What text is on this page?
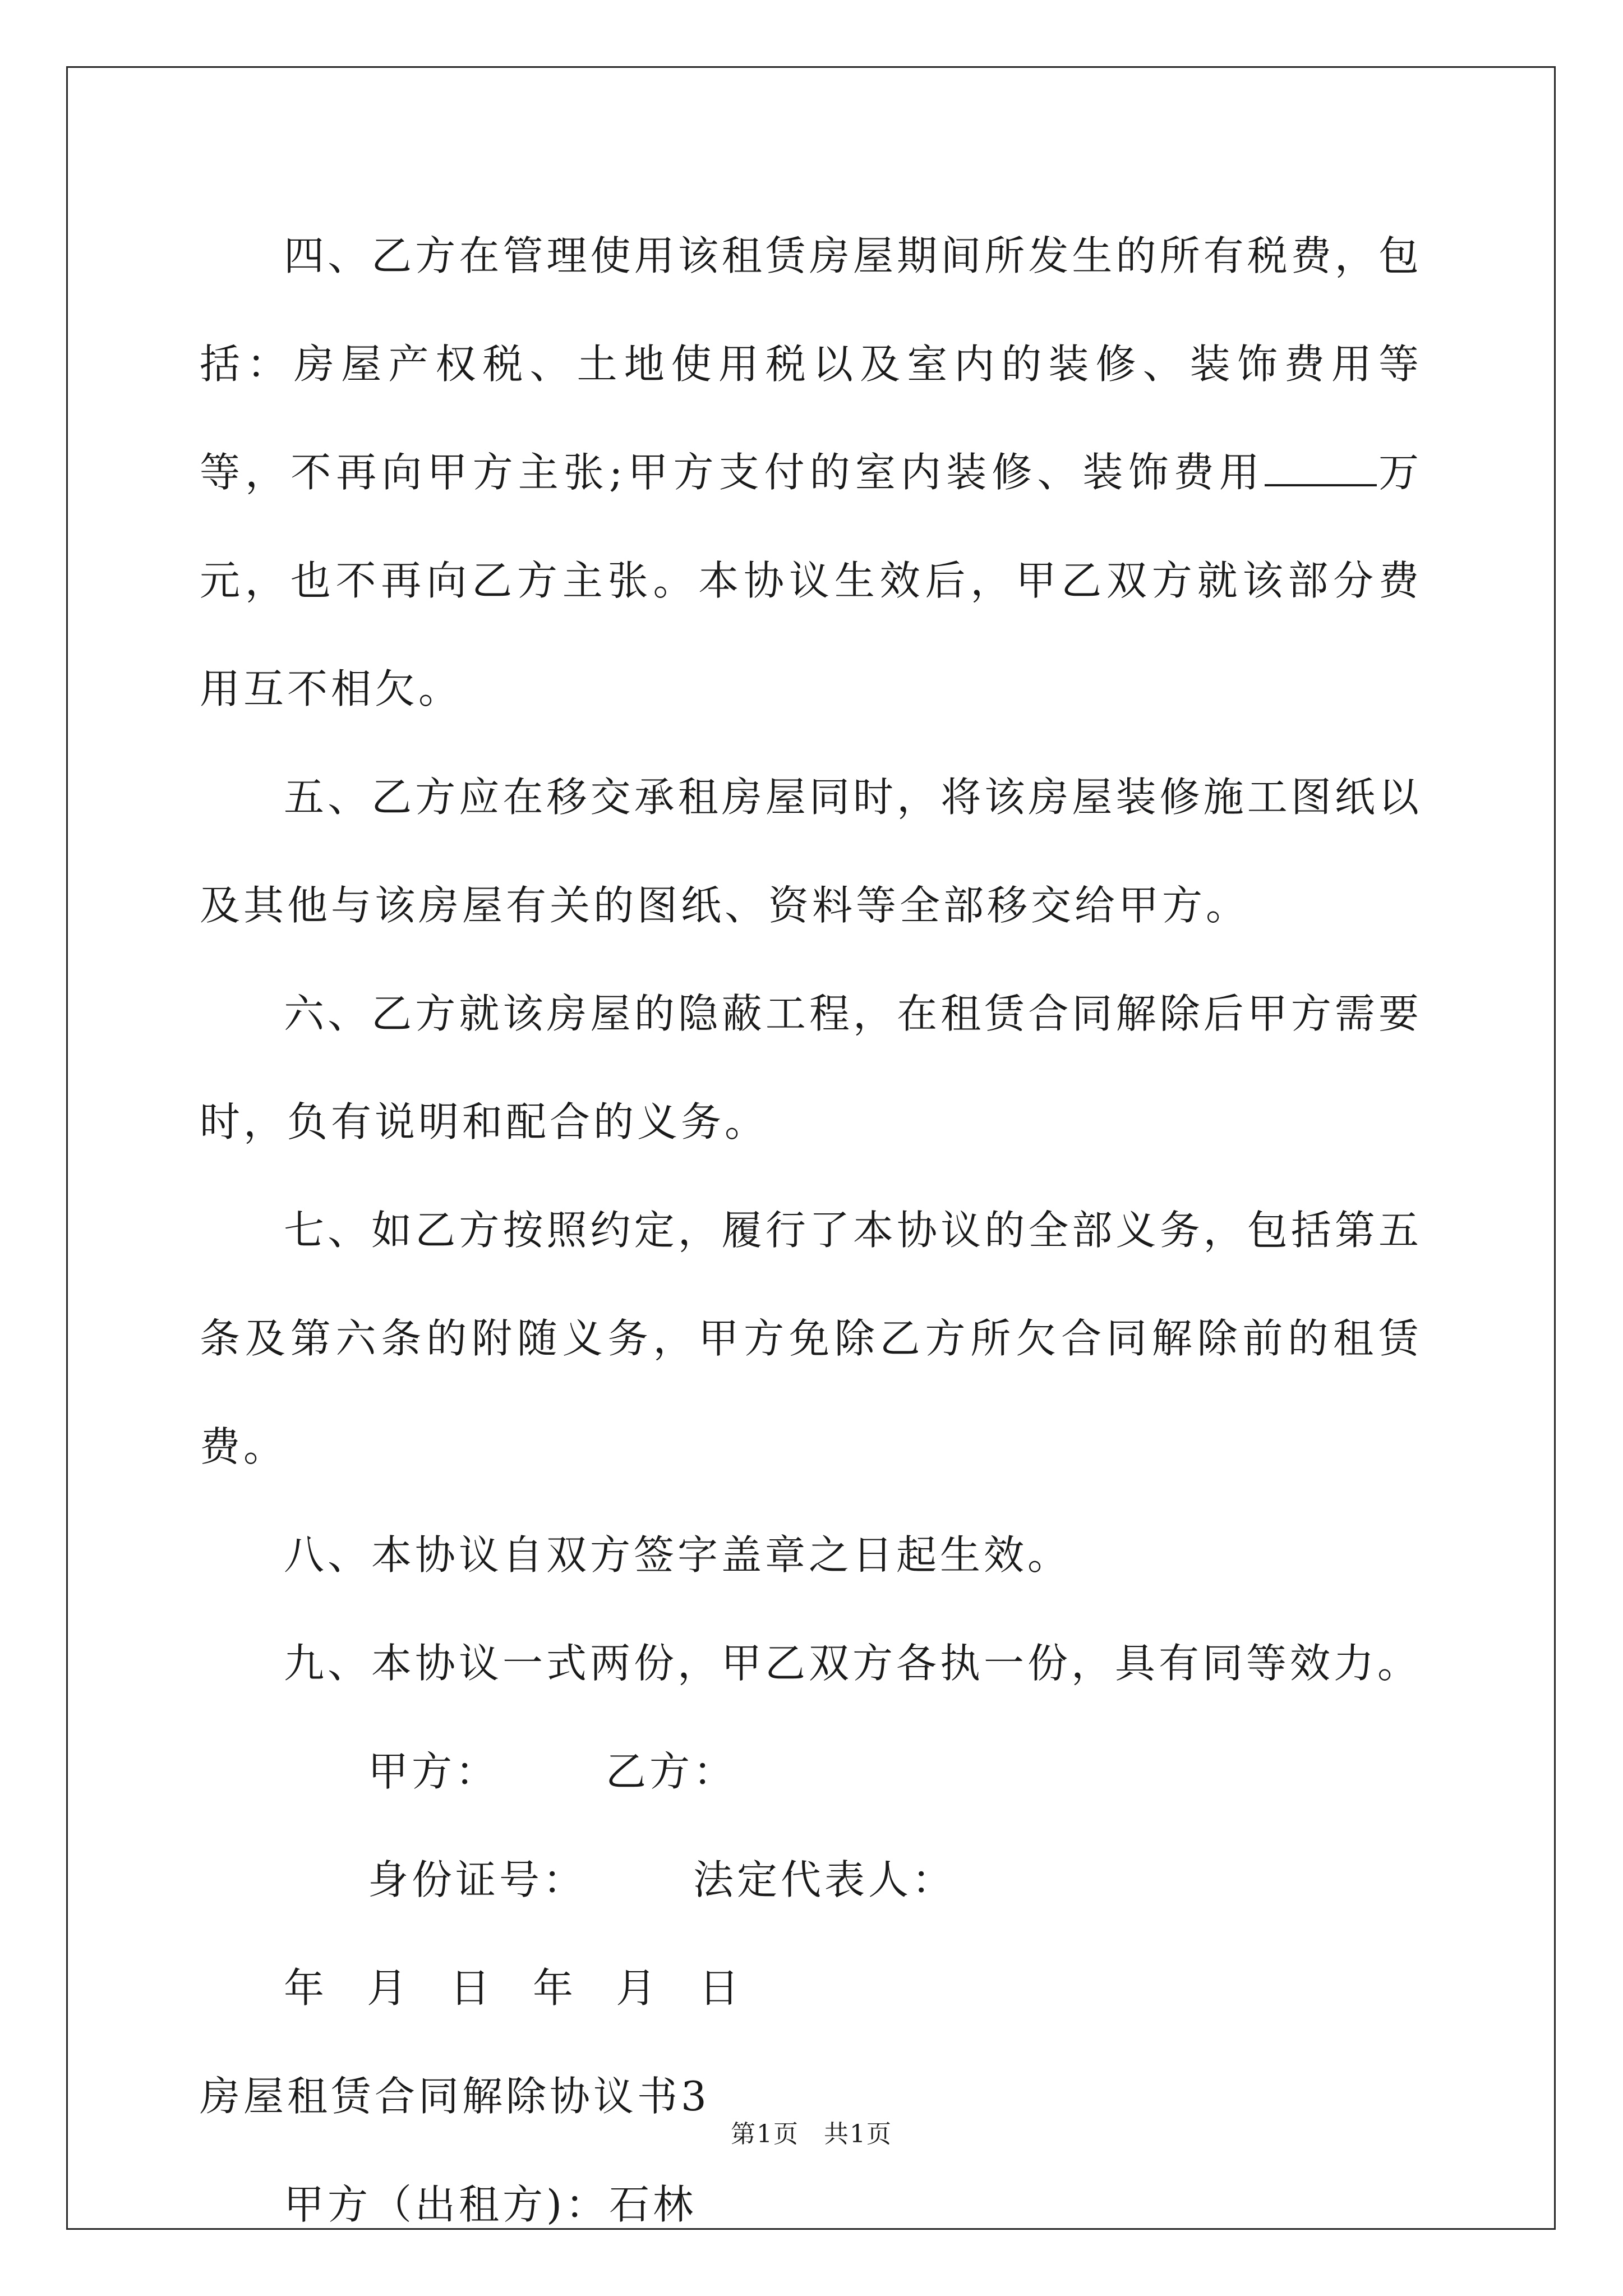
四、乙方在管理使用该租赁房屋期间所发生的所有税费，包括：房屋产权税、土地使用税以及室内的装修、装饰费用等等，不再向甲方主张;甲方支付的室内装修、装饰费用	万元，也不再向乙方主张。本协议生效后，甲乙双方就该部分费用互不相欠。

五、乙方应在移交承租房屋同时，将该房屋装修施工图纸以及其他与该房屋有关的图纸、资料等全部移交给甲方。

六、乙方就该房屋的隐蔽工程，在租赁合同解除后甲方需要时，负有说明和配合的义务。

七、如乙方按照约定，履行了本协议的全部义务，包括第五条及第六条的附随义务，甲方免除乙方所欠合同解除前的租赁费。

八、本协议自双方签字盖章之日起生效。

九、本协议一式两份，甲乙双方各执一份，具有同等效力。

甲方：	乙方：

身份证号：	法定代表人：

年 月 日 年 月 日

房屋租赁合同解除协议书3

甲方（出租方)：石林

第1页 共1页
